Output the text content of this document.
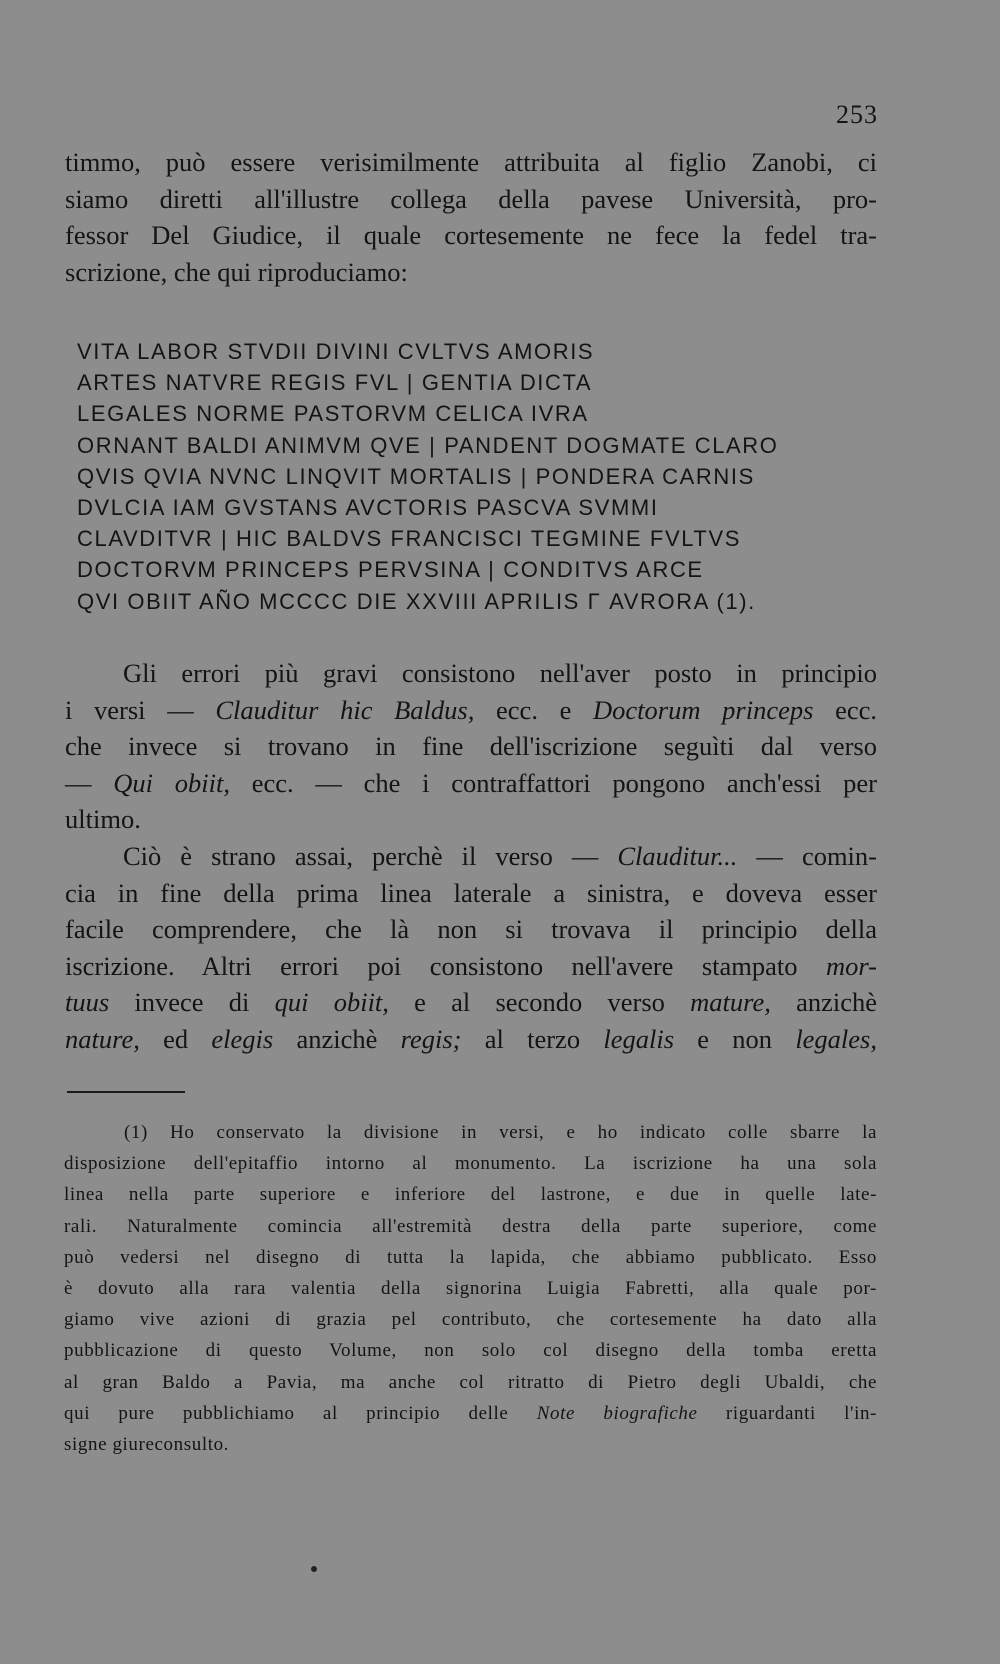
253
timmo, può essere verisimilmente attribuita al figlio Zanobi, ci
siamo diretti all'illustre collega della pavese Università, pro-
fessor Del Giudice, il quale cortesemente ne fece la fedel tra-
scrizione, che qui riproduciamo:
VITA LABOR STVDII DIVINI CVLTVS AMORIS
ARTES NATVRE REGIS FVL | GENTIA DICTA
LEGALES NORME PASTORVM CELICA IVRA
ORNANT BALDI ANIMVM QVE | PANDENT DOGMATE CLARO
QVIS QVIA NVNC LINQVIT MORTALIS | PONDERA CARNIS
DVLCIA IAM GVSTANS AVCTORIS PASCVA SVMMI
CLAVDITVR | HIC BALDVS FRANCISCI TEGMINE FVLTVS
DOCTORVM PRINCEPS PERVSINA | CONDITVS ARCE
QVI OBIIT AÑO MCCCC DIE XXVIII APRILIS Γ AVRORA (1).
Gli errori più gravi consistono nell'aver posto in principio
i versi — Clauditur hic Baldus, ecc. e Doctorum princeps ecc.
che invece si trovano in fine dell'iscrizione seguìti dal verso
— Qui obiit, ecc. — che i contraffattori pongono anch'essi per
ultimo.
Ciò è strano assai, perchè il verso — Clauditur... — comin-
cia in fine della prima linea laterale a sinistra, e doveva esser
facile comprendere, che là non si trovava il principio della
iscrizione. Altri errori poi consistono nell'avere stampato mor-
tuus invece di qui obiit, e al secondo verso mature, anzichè
nature, ed elegis anzichè regis; al terzo legalis e non legales,
(1) Ho conservato la divisione in versi, e ho indicato colle sbarre la
disposizione dell'epitaffio intorno al monumento. La iscrizione ha una sola
linea nella parte superiore e inferiore del lastrone, e due in quelle late-
rali. Naturalmente comincia all'estremità destra della parte superiore, come
può vedersi nel disegno di tutta la lapida, che abbiamo pubblicato. Esso
è dovuto alla rara valentia della signorina Luigia Fabretti, alla quale por-
giamo vive azioni di grazia pel contributo, che cortesemente ha dato alla
pubblicazione di questo Volume, non solo col disegno della tomba eretta
al gran Baldo a Pavia, ma anche col ritratto di Pietro degli Ubaldi, che
qui pure pubblichiamo al principio delle Note biografiche riguardanti l'in-
signe giureconsulto.
